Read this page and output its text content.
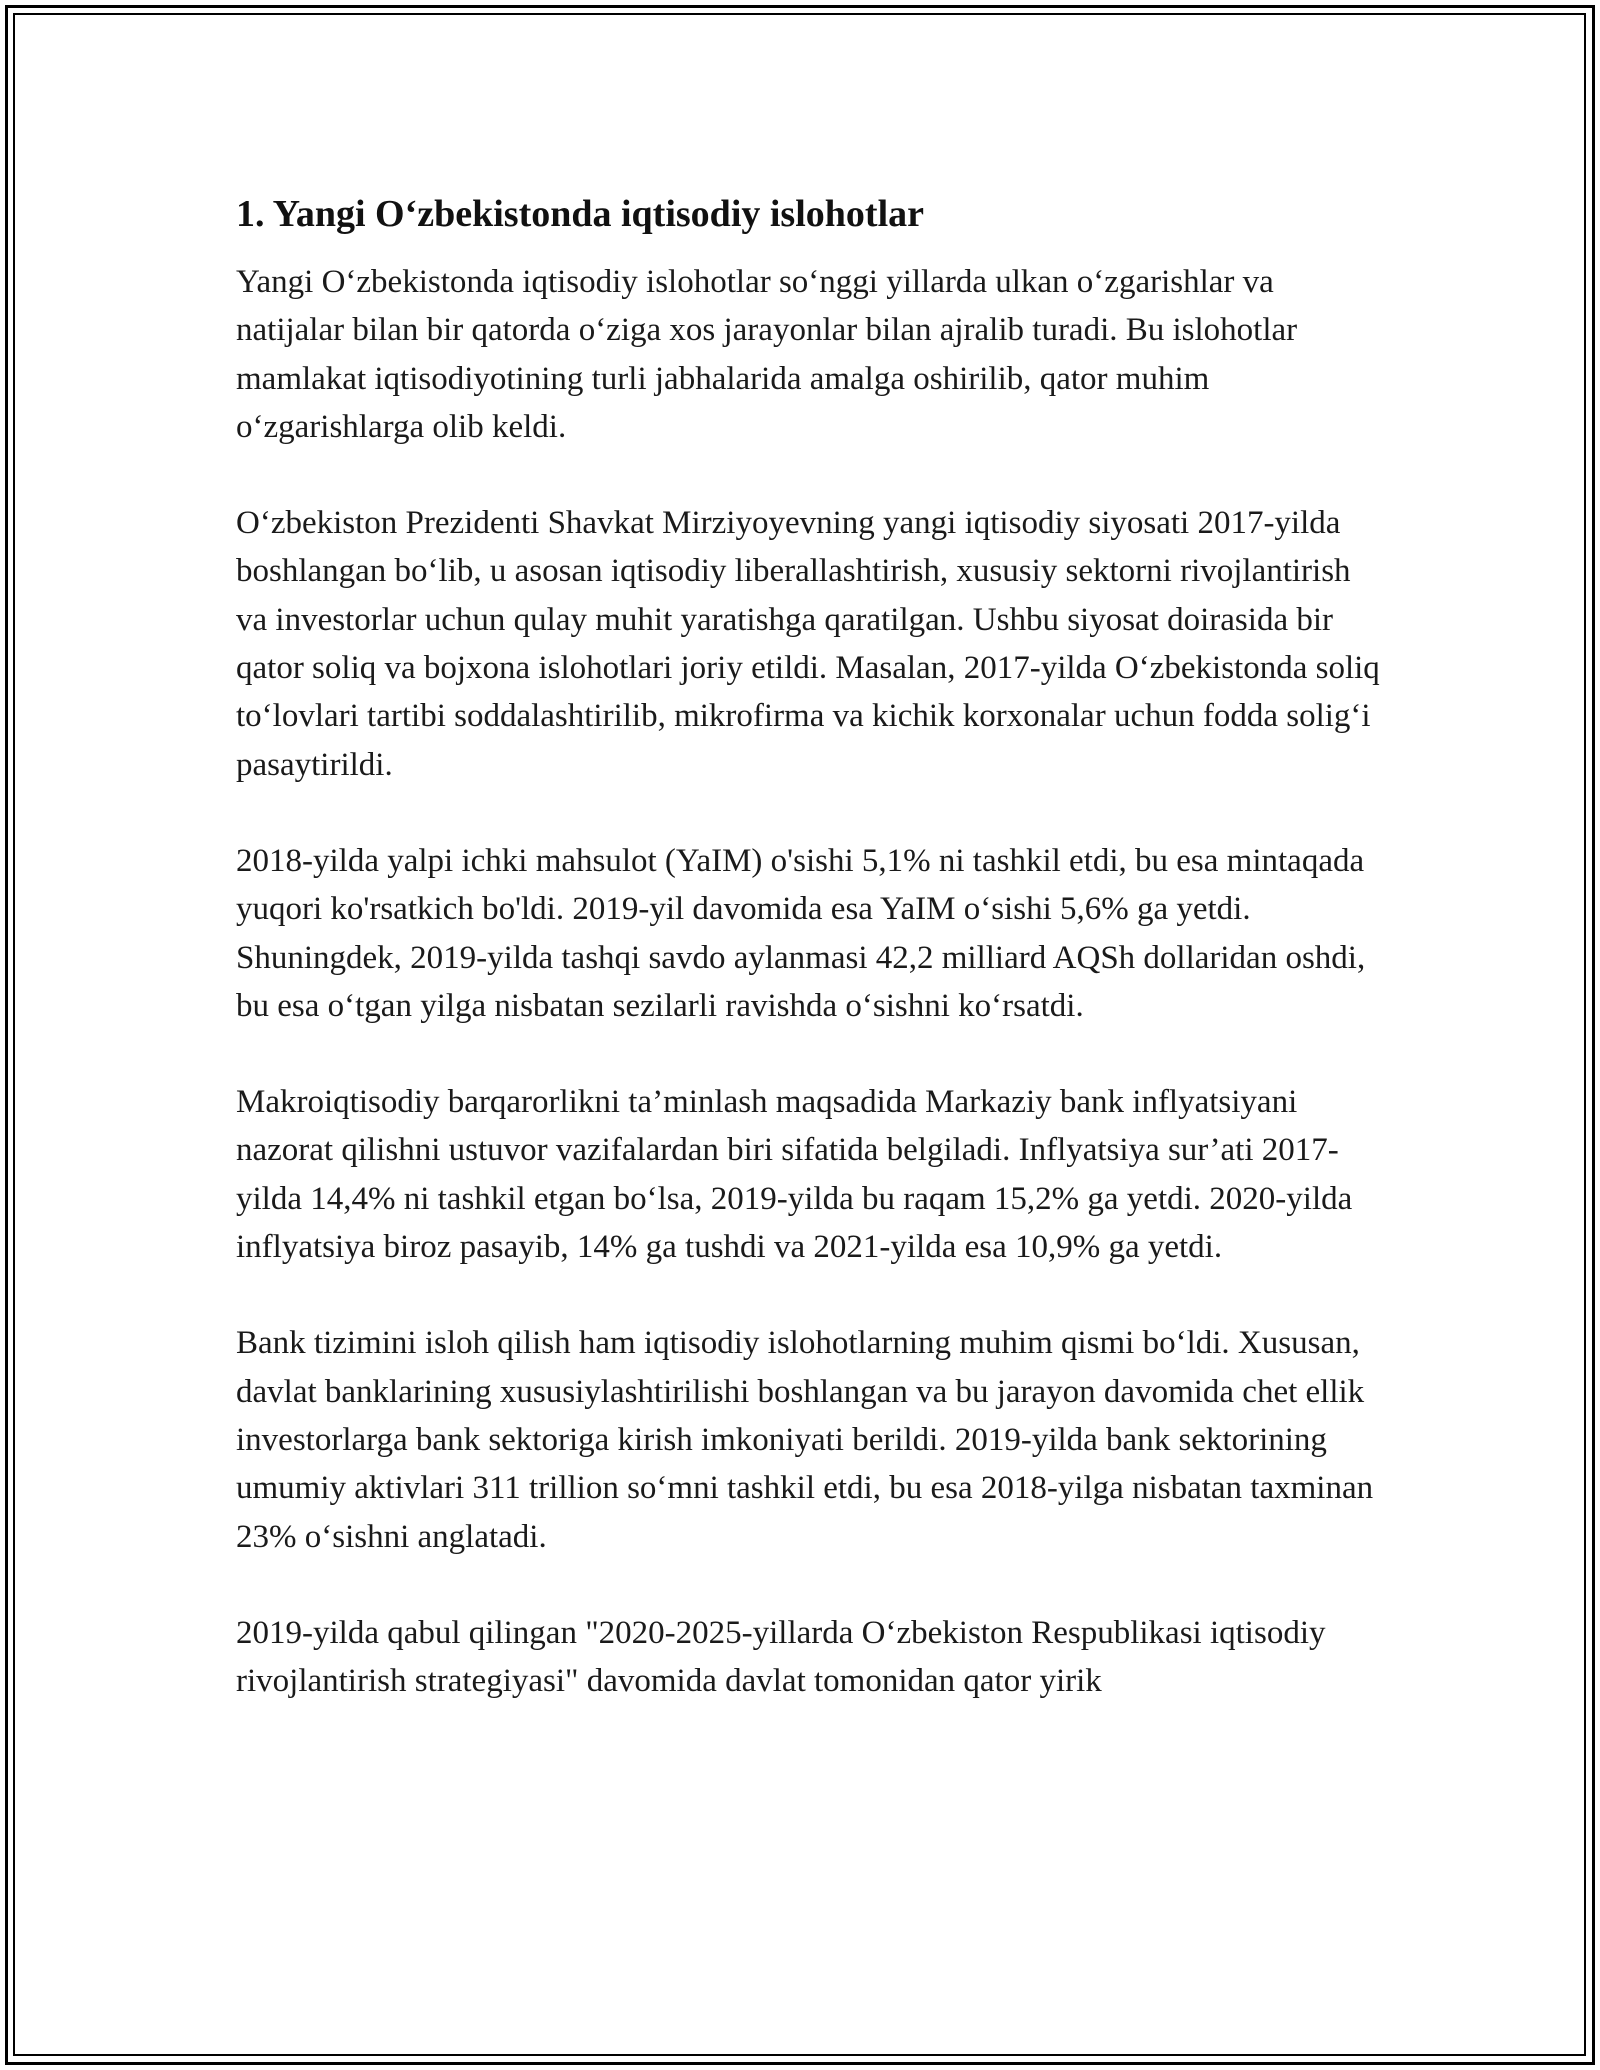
1. Yangi O‘zbekistonda iqtisodiy islohotlar

Yangi O‘zbekistonda iqtisodiy islohotlar so‘nggi yillarda ulkan o‘zgarishlar va natijalar bilan bir qatorda o‘ziga xos jarayonlar bilan ajralib turadi. Bu islohotlar mamlakat iqtisodiyotining turli jabhalarida amalga oshirilib, qator muhim o‘zgarishlarga olib keldi.

O‘zbekiston Prezidenti Shavkat Mirziyoyevning yangi iqtisodiy siyosati 2017-yilda boshlangan bo‘lib, u asosan iqtisodiy liberallashtirish, xususiy sektorni rivojlantirish va investorlar uchun qulay muhit yaratishga qaratilgan. Ushbu siyosat doirasida bir qator soliq va bojxona islohotlari joriy etildi. Masalan, 2017-yilda O‘zbekistonda soliq to‘lovlari tartibi soddalashtirilib, mikrofirma va kichik korxonalar uchun fodda solig‘i pasaytirildi.

2018-yilda yalpi ichki mahsulot (YaIM) o'sishi 5,1% ni tashkil etdi, bu esa mintaqada yuqori ko'rsatkich bo'ldi. 2019-yil davomida esa YaIM o‘sishi 5,6% ga yetdi. Shuningdek, 2019-yilda tashqi savdo aylanmasi 42,2 milliard AQSh dollaridan oshdi, bu esa o‘tgan yilga nisbatan sezilarli ravishda o‘sishni ko‘rsatdi.

Makroiqtisodiy barqarorlikni ta’minlash maqsadida Markaziy bank inflyatsiyani nazorat qilishni ustuvor vazifalardan biri sifatida belgiladi. Inflyatsiya sur’ati 2017-yilda 14,4% ni tashkil etgan bo‘lsa, 2019-yilda bu raqam 15,2% ga yetdi. 2020-yilda inflyatsiya biroz pasayib, 14% ga tushdi va 2021-yilda esa 10,9% ga yetdi.

Bank tizimini isloh qilish ham iqtisodiy islohotlarning muhim qismi bo‘ldi. Xususan, davlat banklarining xususiylashtirilishi boshlangan va bu jarayon davomida chet ellik investorlarga bank sektoriga kirish imkoniyati berildi. 2019-yilda bank sektorining umumiy aktivlari 311 trillion so‘mni tashkil etdi, bu esa 2018-yilga nisbatan taxminan 23% o‘sishni anglatadi.

2019-yilda qabul qilingan "2020-2025-yillarda O‘zbekiston Respublikasi iqtisodiy rivojlantirish strategiyasi" davomida davlat tomonidan qator yirik
